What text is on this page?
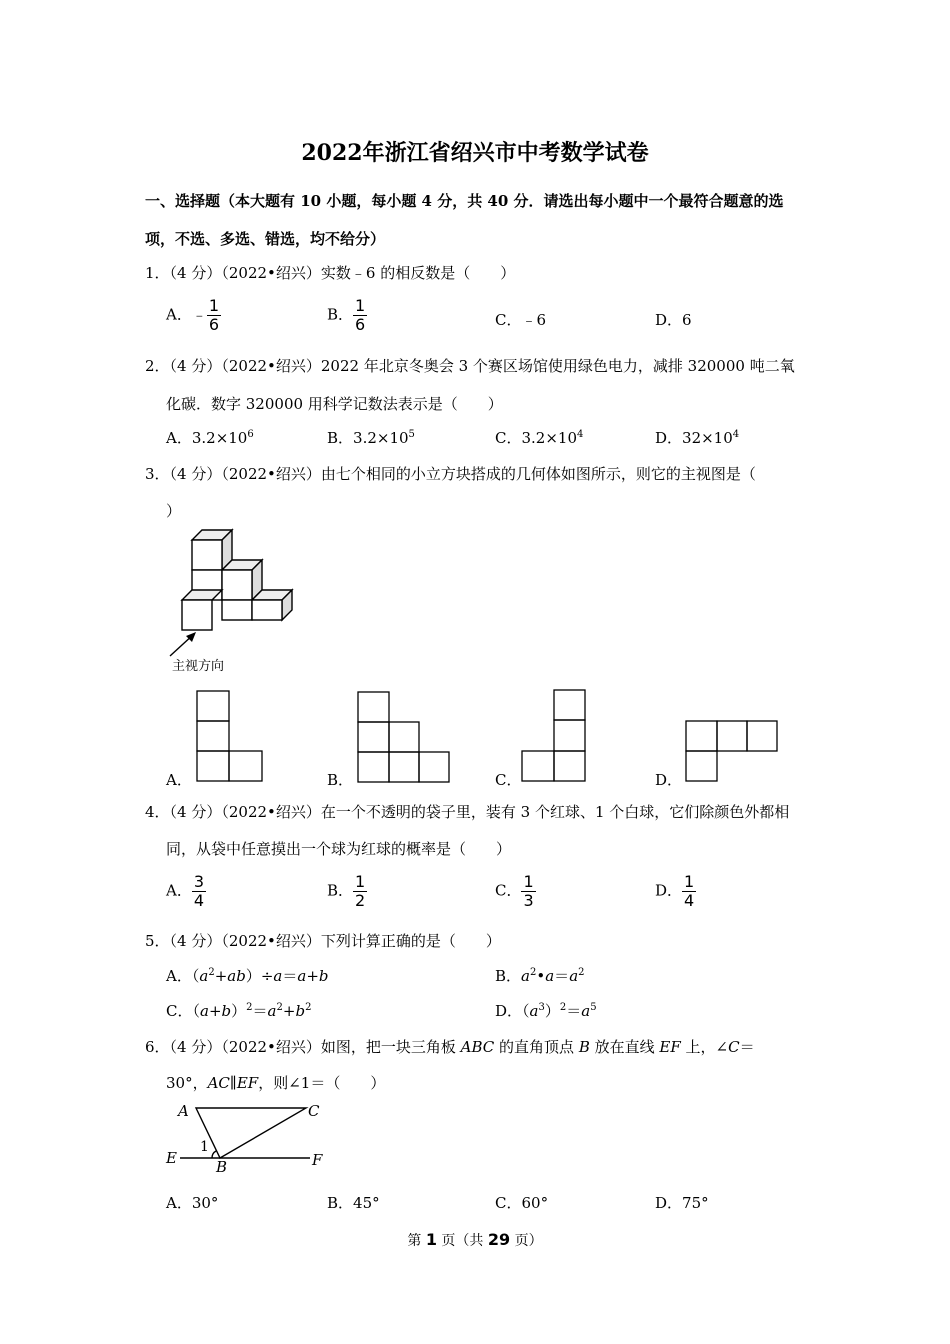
2022年浙江省绍兴市中考数学试卷
一、选择题（本大题有 10 小题，每小题 4 分，共 40 分．请选出每小题中一个最符合题意的选
项，不选、多选、错选，均不给分）
1．（4 分）（2022•绍兴）实数﹣6 的相反数是（　　）
A．﹣ $\frac{1}{6}$	B． $\frac{1}{6}$	C．﹣6	D．6
2．（4 分）（2022•绍兴）2022 年北京冬奥会 3 个赛区场馆使用绿色电力，减排 320000 吨二氧
化碳．数字 320000 用科学记数法表示是（　　）
A．$3.2\times 10^6$	B．$3.2\times 10^5$	C．$3.2\times 10^4$	D．$32\times 10^4$
3．（4 分）（2022•绍兴）由七个相同的小立方块搭成的几何体如图所示，则它的主视图是（
）
主视方向
A．	B．	C．	D．
4．（4 分）（2022•绍兴）在一个不透明的袋子里，装有 3 个红球、1 个白球，它们除颜色外都相
同，从袋中任意摸出一个球为红球的概率是（　　）
A． $\frac{3}{4}$	B． $\frac{1}{2}$	C． $\frac{1}{3}$	D． $\frac{1}{4}$
5．（4 分）（2022•绍兴）下列计算正确的是（　　）
A．$(a^2+ab)\div a=a+b$	B．$a^2•a=a^2$
C．$(a+b)^2=a^2+b^2$	D．$(a^3)^2=a^5$
6．（4 分）（2022•绍兴）如图，把一块三角板 ABC 的直角顶点 B 放在直线 EF 上，∠C＝
30°，AC∥EF，则∠1＝（　　）
A	C
E	B	F
1
A．30°	B．45°	C．60°	D．75°
第 1 页（共 29 页）
